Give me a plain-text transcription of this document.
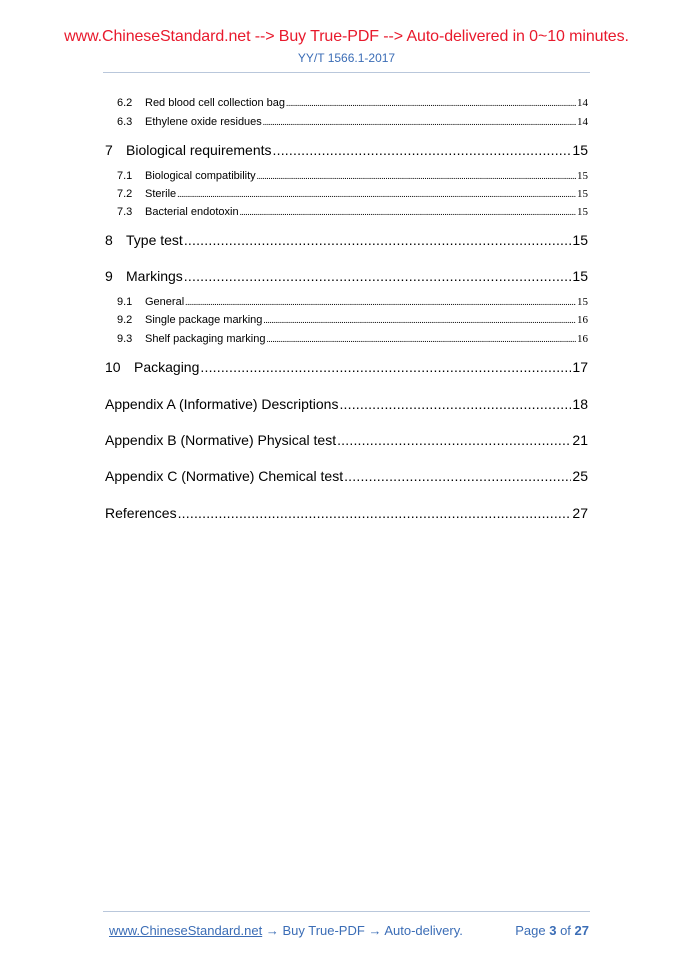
www.ChineseStandard.net --> Buy True-PDF --> Auto-delivered in 0~10 minutes.
YY/T 1566.1-2017
6.2	Red blood cell collection bag .....	14
6.3	Ethylene oxide residues .....	14
7 Biological requirements .....	15
7.1	Biological compatibility .....	15
7.2	Sterile .....	15
7.3	Bacterial endotoxin .....	15
8 Type test .....	15
9 Markings .....	15
9.1	General .....	15
9.2	Single package marking .....	16
9.3	Shelf packaging marking .....	16
10 Packaging .....	17
Appendix A (Informative) Descriptions .....	18
Appendix B (Normative) Physical test .....	21
Appendix C (Normative) Chemical test .....	25
References .....	27
www.ChineseStandard.net → Buy True-PDF → Auto-delivery.	Page 3 of 27
